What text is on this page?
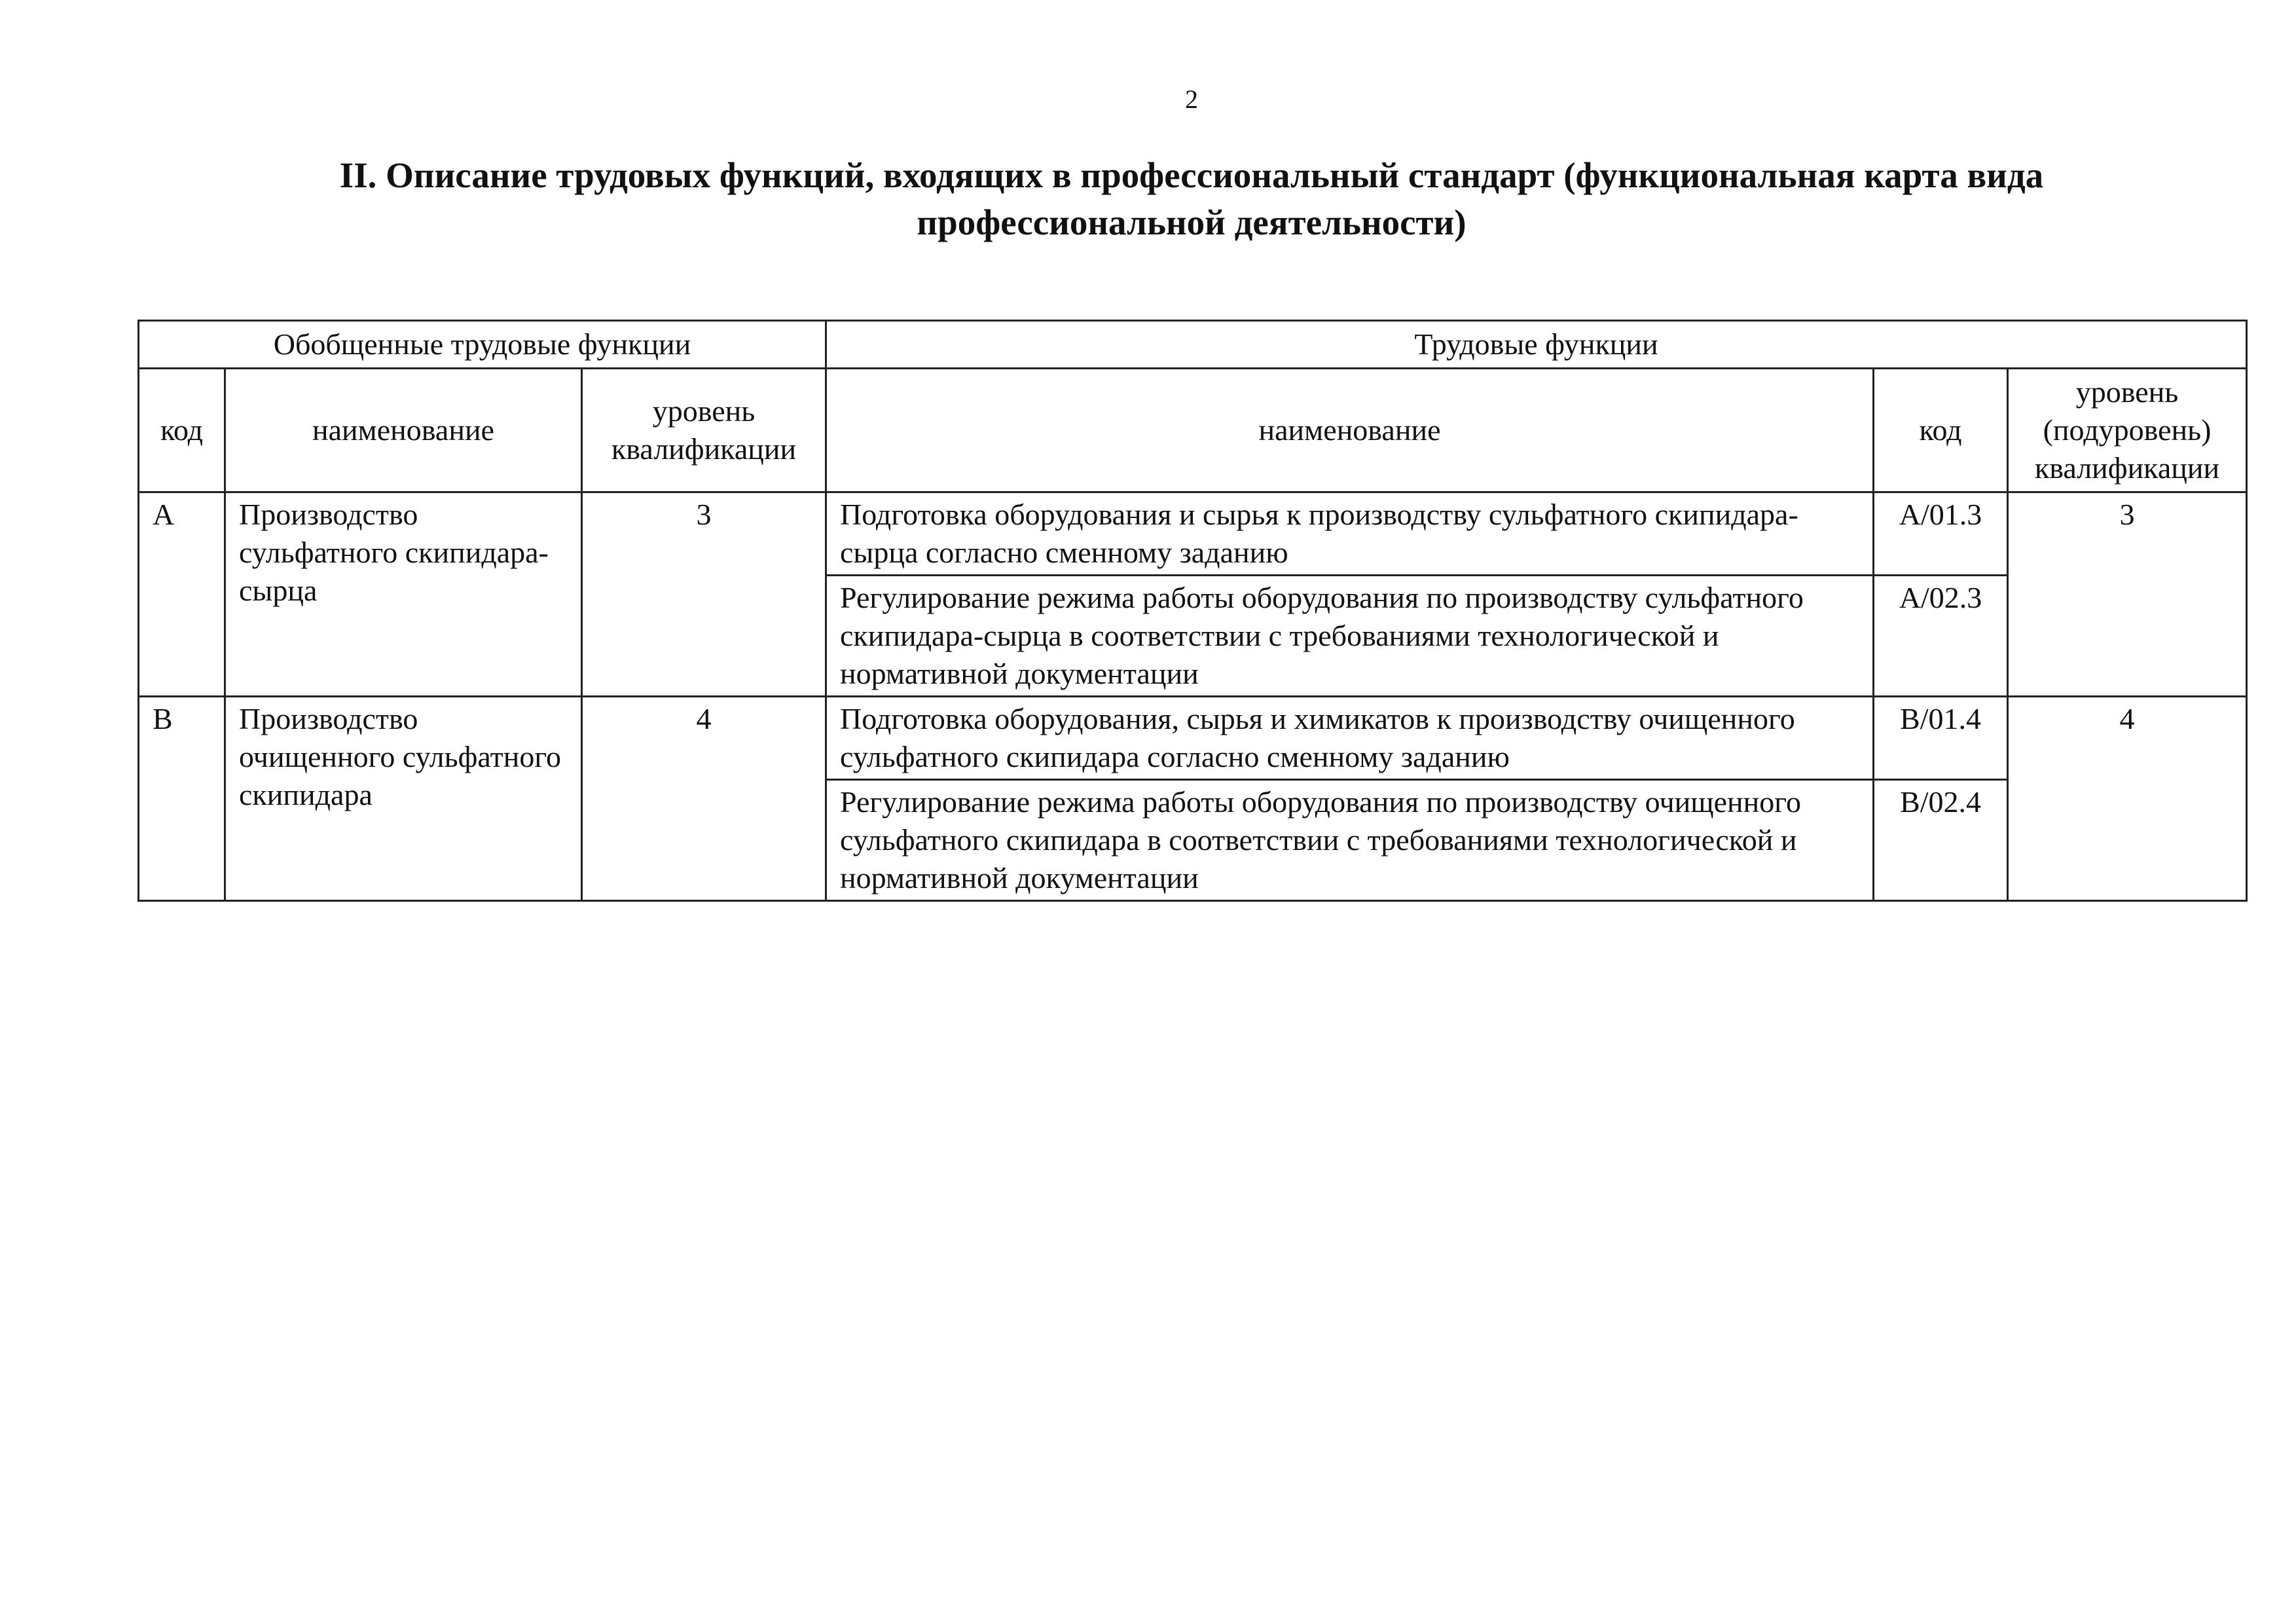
2
II. Описание трудовых функций, входящих в профессиональный стандарт (функциональная карта вида профессиональной деятельности)
Обобщенные трудовые функции			Трудовые функции		
код	наименование	уровень квалификации	наименование	код	уровень (подуровень) квалификации
A	Производство сульфатного скипидара-сырца	3	Подготовка оборудования и сырья к производству сульфатного скипидара-сырца согласно сменному заданию	A/01.3	3
			Регулирование режима работы оборудования по производству сульфатного скипидара-сырца в соответствии с требованиями технологической и нормативной документации	A/02.3	
B	Производство очищенного сульфатного скипидара	4	Подготовка оборудования, сырья и химикатов к производству очищенного сульфатного скипидара согласно сменному заданию	B/01.4	4
			Регулирование режима работы оборудования по производству очищенного сульфатного скипидара в соответствии с требованиями технологической и нормативной документации	B/02.4	
